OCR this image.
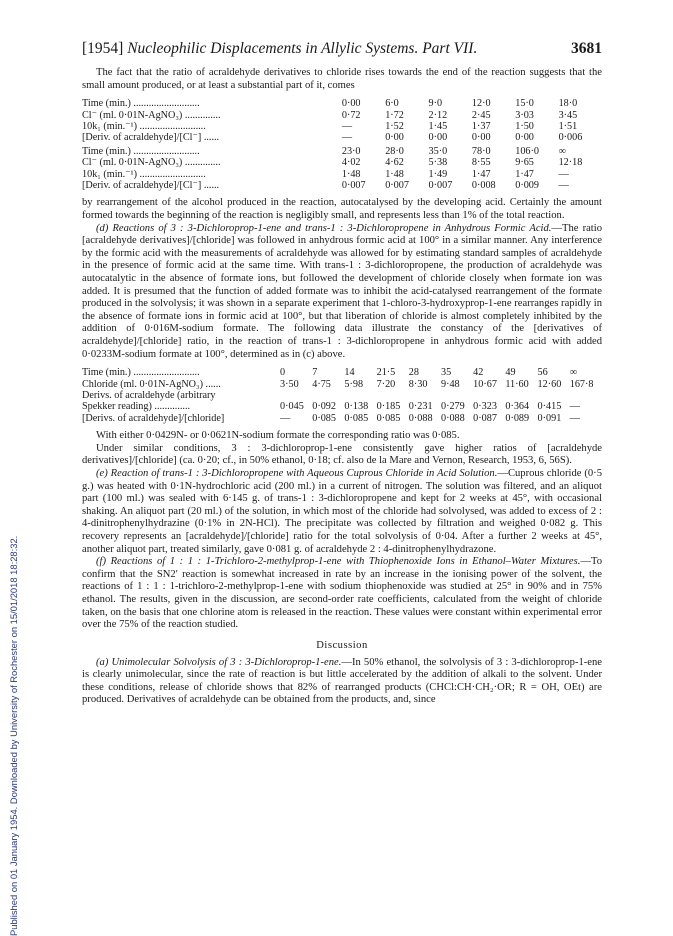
Published on 01 January 1954. Downloaded by University of Rochester on 15/01/2018 18:28:32.
[1954] Nucleophilic Displacements in Allylic Systems. Part VII.	3681

The fact that the ratio of acraldehyde derivatives to chloride rises towards the end of the reaction suggests that the small amount produced, or at least a substantial part of it, comes

Time (min.) ..........................	0·00	6·0	9·0	12·0	15·0	18·0
Cl⁻ (ml. 0·01N-AgNO₃) ..............	0·72	1·72	2·12	2·45	3·03	3·45
10k₁ (min.⁻¹) ..........................	—	1·52	1·45	1·37	1·50	1·51
[Deriv. of acraldehyde]/[Cl⁻] ......	—	0·00	0·00	0·00	0·00	0·006
Time (min.) ..........................	23·0	28·0	35·0	78·0	106·0	∞
Cl⁻ (ml. 0·01N-AgNO₃) ..............	4·02	4·62	5·38	8·55	9·65	12·18
10k₁ (min.⁻¹) ..........................	1·48	1·48	1·49	1·47	1·47	—
[Deriv. of acraldehyde]/[Cl⁻] ......	0·007	0·007	0·007	0·008	0·009	—

by rearrangement of the alcohol produced in the reaction, autocatalysed by the developing acid. Certainly the amount formed towards the beginning of the reaction is negligibly small, and represents less than 1% of the total reaction.

(d) Reactions of 3 : 3-Dichloroprop-1-ene and trans-1 : 3-Dichloropropene in Anhydrous Formic Acid.—The ratio [acraldehyde derivatives]/[chloride] was followed in anhydrous formic acid at 100° in a similar manner. Any interference by the formic acid with the measurements of acraldehyde was allowed for by estimating standard samples of acraldehyde in the presence of formic acid at the same time. With trans-1 : 3-dichloropropene, the production of acraldehyde was autocatalytic in the absence of formate ions, but followed the development of chloride closely when formate ion was added. It is presumed that the function of added formate was to inhibit the acid-catalysed rearrangement of the formate produced in the solvolysis; it was shown in a separate experiment that 1-chloro-3-hydroxyprop-1-ene rearranges rapidly in the absence of formate ions in formic acid at 100°, but that liberation of chloride is almost completely inhibited by the addition of 0·016M-sodium formate. The following data illustrate the constancy of the [derivatives of acraldehyde]/[chloride] ratio, in the reaction of trans-1 : 3-dichloropropene in anhydrous formic acid with added 0·0233M-sodium formate at 100°, determined as in (c) above.

Time (min.) ..........................	0	7	14	21·5	28	35	42	49	56	∞
Chloride (ml. 0·01N-AgNO₃) ......	3·50	4·75	5·98	7·20	8·30	9·48	10·67	11·60	12·60	167·8
Derivs. of acraldehyde (arbitrary										
Spekker reading) ..............	0·045	0·092	0·138	0·185	0·231	0·279	0·323	0·364	0·415	—
[Derivs. of acraldehyde]/[chloride]	—	0·085	0·085	0·085	0·088	0·088	0·087	0·089	0·091	—

With either 0·0429N- or 0·0621N-sodium formate the corresponding ratio was 0·085.

Under similar conditions, 3 : 3-dichloroprop-1-ene consistently gave higher ratios of [acraldehyde derivatives]/[chloride] (ca. 0·20; cf., in 50% ethanol, 0·18; cf. also de la Mare and Vernon, Research, 1953, 6, 56S).

(e) Reaction of trans-1 : 3-Dichloropropene with Aqueous Cuprous Chloride in Acid Solution.—Cuprous chloride (0·5 g.) was heated with 0·1N-hydrochloric acid (200 ml.) in a current of nitrogen. The solution was filtered, and an aliquot part (100 ml.) was sealed with 6·145 g. of trans-1 : 3-dichloropropene and kept for 2 weeks at 45°, with occasional shaking. An aliquot part (20 ml.) of the solution, in which most of the chloride had solvolysed, was added to excess of 2 : 4-dinitrophenylhydrazine (0·1% in 2N-HCl). The precipitate was collected by filtration and weighed 0·082 g. This recovery represents an [acraldehyde]/[chloride] ratio for the total solvolysis of 0·04. After a further 2 weeks at 45°, another aliquot part, treated similarly, gave 0·081 g. of acraldehyde 2 : 4-dinitrophenylhydrazone.

(f) Reactions of 1 : 1 : 1-Trichloro-2-methylprop-1-ene with Thiophenoxide Ions in Ethanol–Water Mixtures.—To confirm that the SN2′ reaction is somewhat increased in rate by an increase in the ionising power of the solvent, the reactions of 1 : 1 : 1-trichloro-2-methylprop-1-ene with sodium thiophenoxide was studied at 25° in 90% and in 75% ethanol. The results, given in the discussion, are second-order rate coefficients, calculated from the weight of chloride taken, on the basis that one chlorine atom is released in the reaction. These values were constant within experimental error over the 75% of the reaction studied.

Discussion

(a) Unimolecular Solvolysis of 3 : 3-Dichloroprop-1-ene.—In 50% ethanol, the solvolysis of 3 : 3-dichloroprop-1-ene is clearly unimolecular, since the rate of reaction is but little accelerated by the addition of alkali to the solvent. Under these conditions, release of chloride shows that 82% of rearranged products (CHCl:CH·CH₂·OR; R = OH, OEt) are produced. Derivatives of acraldehyde can be obtained from the products, and, since
